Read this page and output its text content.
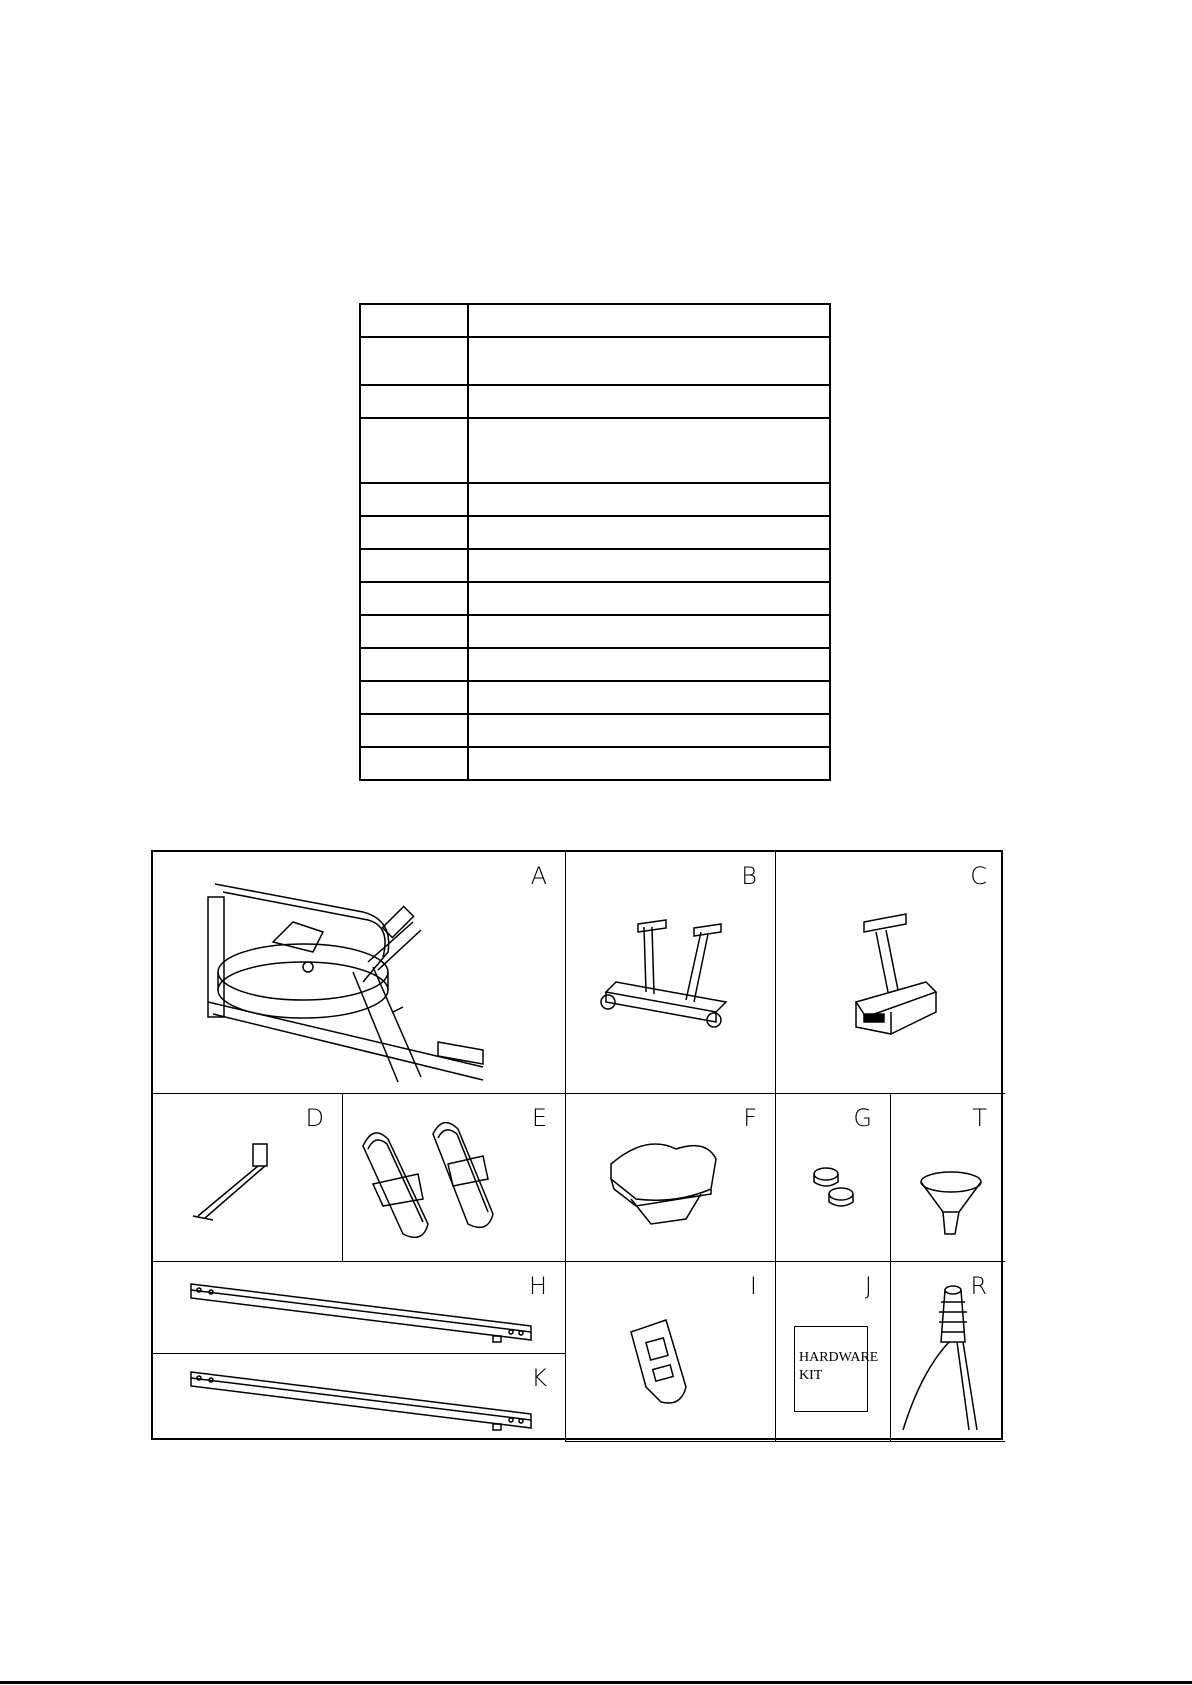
A	B	C
D	E	F	G	T
H	I	J
HARDWARE KIT
R
K
